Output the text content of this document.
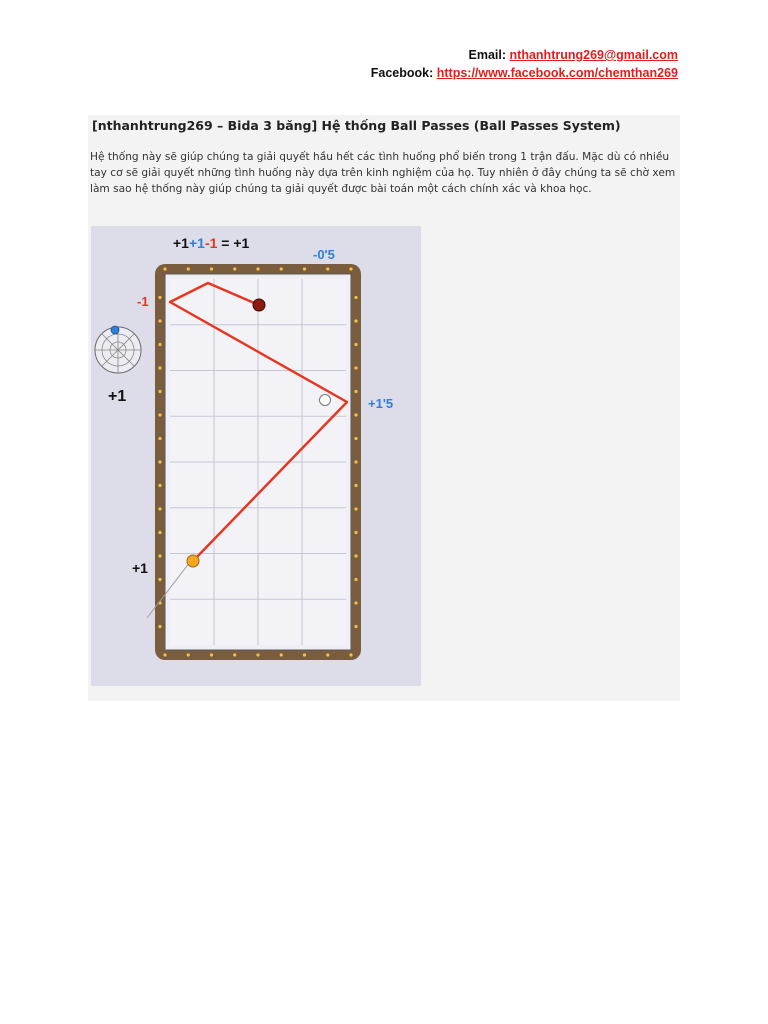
Email: nthanhtrung269@gmail.com
Facebook: https://www.facebook.com/chemthan269
[nthanhtrung269 – Bida 3 băng] Hệ thống Ball Passes (Ball Passes System)
Hệ thống này sẽ giúp chúng ta giải quyết hầu hết các tình huống phổ biến trong 1 trận đấu. Mặc dù có nhiều tay cơ sẽ giải quyết những tình huống này dựa trên kinh nghiệm của họ. Tuy nhiên ở đây chúng ta sẽ chờ xem làm sao hệ thống này giúp chúng ta giải quyết được bài toán một cách chính xác và khoa học.
+1+1-1 = +1
-0'5
+1
-1
+1'5
+1
